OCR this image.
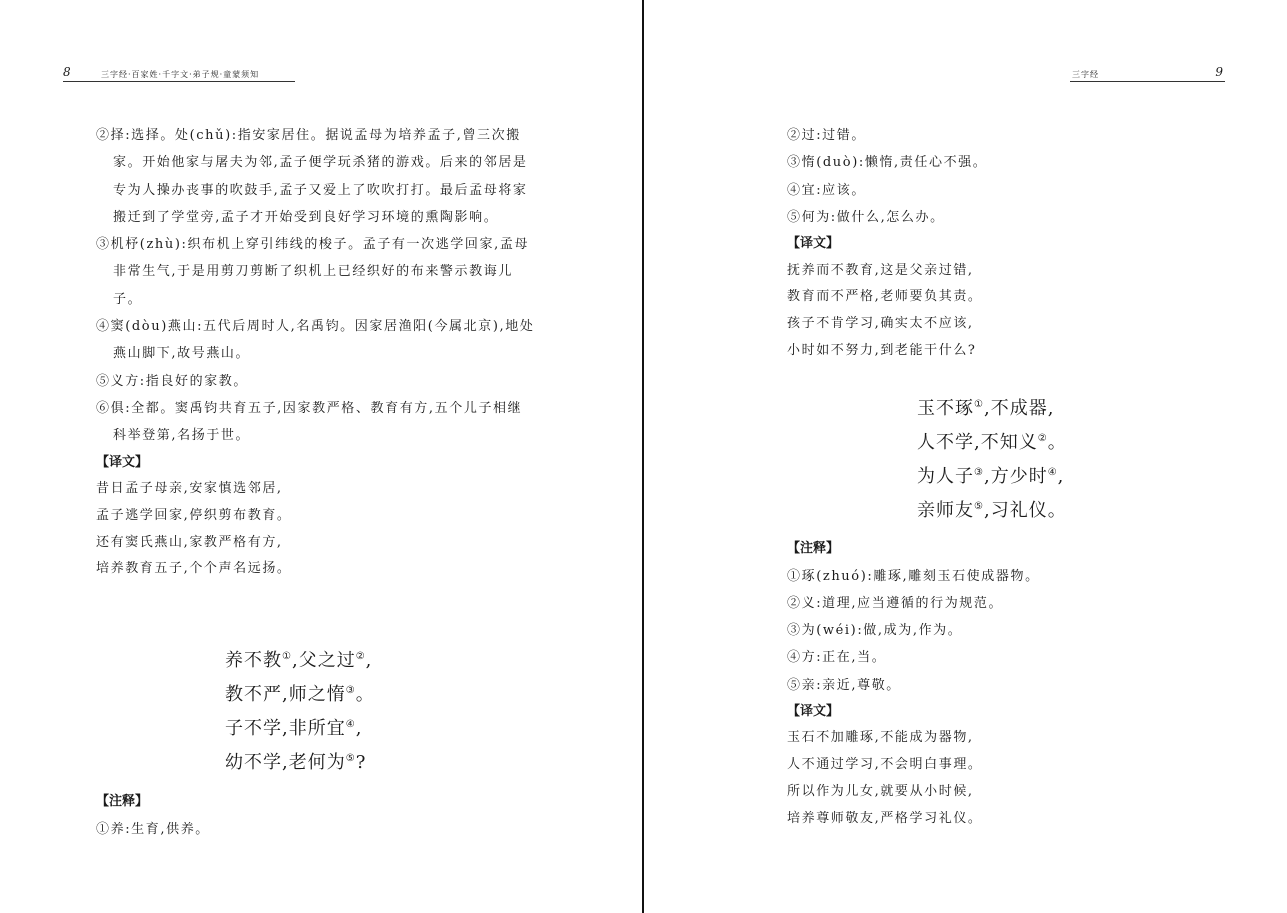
8	三字经·百家姓·千字文·弟子规·童蒙须知
②择:选择。处(chǔ):指安家居住。据说孟母为培养孟子,曾三次搬家。开始他家与屠夫为邻,孟子便学玩杀猪的游戏。后来的邻居是专为人操办丧事的吹鼓手,孟子又爱上了吹吹打打。最后孟母将家搬迁到了学堂旁,孟子才开始受到良好学习环境的熏陶影响。
③机杼(zhù):织布机上穿引纬线的梭子。孟子有一次逃学回家,孟母非常生气,于是用剪刀剪断了织机上已经织好的布来警示教诲儿子。
④窦(dòu)燕山:五代后周时人,名禹钧。因家居渔阳(今属北京),地处燕山脚下,故号燕山。
⑤义方:指良好的家教。
⑥俱:全都。窦禹钧共育五子,因家教严格、教育有方,五个儿子相继科举登第,名扬于世。
【译文】
昔日孟子母亲,安家慎选邻居,
孟子逃学回家,停织剪布教育。
还有窦氏燕山,家教严格有方,
培养教育五子,个个声名远扬。
养不教①,父之过②,
教不严,师之惰③。
子不学,非所宜④,
幼不学,老何为⑤?
【注释】
①养:生育,供养。
三字经	9
②过:过错。
③惰(duò):懒惰,责任心不强。
④宜:应该。
⑤何为:做什么,怎么办。
【译文】
抚养而不教育,这是父亲过错,
教育而不严格,老师要负其责。
孩子不肯学习,确实太不应该,
小时如不努力,到老能干什么?
玉不琢①,不成器,
人不学,不知义②。
为人子③,方少时④,
亲师友⑤,习礼仪。
【注释】
①琢(zhuó):雕琢,雕刻玉石使成器物。
②义:道理,应当遵循的行为规范。
③为(wéi):做,成为,作为。
④方:正在,当。
⑤亲:亲近,尊敬。
【译文】
玉石不加雕琢,不能成为器物,
人不通过学习,不会明白事理。
所以作为儿女,就要从小时候,
培养尊师敬友,严格学习礼仪。
